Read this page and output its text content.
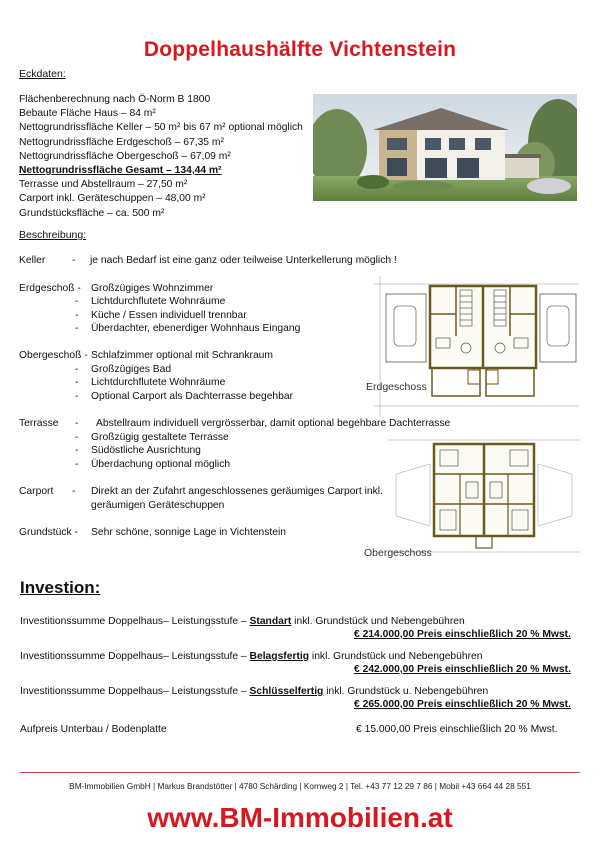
Doppelhaushälfte Vichtenstein
Eckdaten:
Flächenberechnung nach Ö-Norm B 1800
Bebaute Fläche Haus – 84 m²
Nettogrundrissfläche Keller – 50 m² bis 67 m² optional möglich
Nettogrundrissfläche Erdgeschoß – 67,35 m²
Nettogrundrissfläche Obergeschoß – 67,09 m²
Nettogrundrissfläche Gesamt – 134,44 m²
Terrasse und Abstellraum – 27,50 m²
Carport inkl. Geräteschuppen – 48,00 m²
Grundstücksfläche – ca. 500 m²
Beschreibung:
Keller	- je nach Bedarf ist eine ganz oder teilweise Unterkellerung möglich !
Erdgeschoß - Großzügiges Wohnzimmer
- Lichtdurchflutete Wohnräume
- Küche / Essen individuell trennbar
- Überdachter, ebenerdiger Wohnhaus Eingang
Obergeschoß - Schlafzimmer optional mit Schrankraum
- Großzügiges Bad
- Lichtdurchflutete Wohnräume
- Optional Carport als Dachterrasse begehbar
Terrasse - Abstellraum individuell vergrösserbar, damit optional begehbare Dachterrasse
- Großzügig gestaltete Terrasse
- Südöstliche Ausrichtung
- Überdachung optional möglich
Carport - Direkt an der Zufahrt angeschlossenes geräumiges Carport inkl.
geräumigen Geräteschuppen
Grundstück - Sehr schöne, sonnige Lage in Vichtenstein
Erdgeschoss
Obergeschoss
Investion:
Investitionssumme Doppelhaus– Leistungsstufe – Standart inkl. Grundstück und Nebengebühren
€ 214.000,00 Preis einschließlich 20 % Mwst.
Investitionssumme Doppelhaus– Leistungsstufe – Belagsfertig inkl. Grundstück und Nebengebühren
€ 242.000,00 Preis einschließlich 20 % Mwst.
Investitionssumme Doppelhaus– Leistungsstufe – Schlüsselfertig inkl. Grundstück u. Nebengebühren
€ 265.000,00 Preis einschließlich 20 % Mwst.
Aufpreis Unterbau / Bodenplatte	€ 15.000,00 Preis einschließlich 20 % Mwst.
BM-Immobilien GmbH | Markus Brandstötter | 4780 Schärding | Kornweg 2 | Tel. +43 77 12 29 7 86 | Mobil +43 664 44 28 551
www.BM-Immobilien.at
